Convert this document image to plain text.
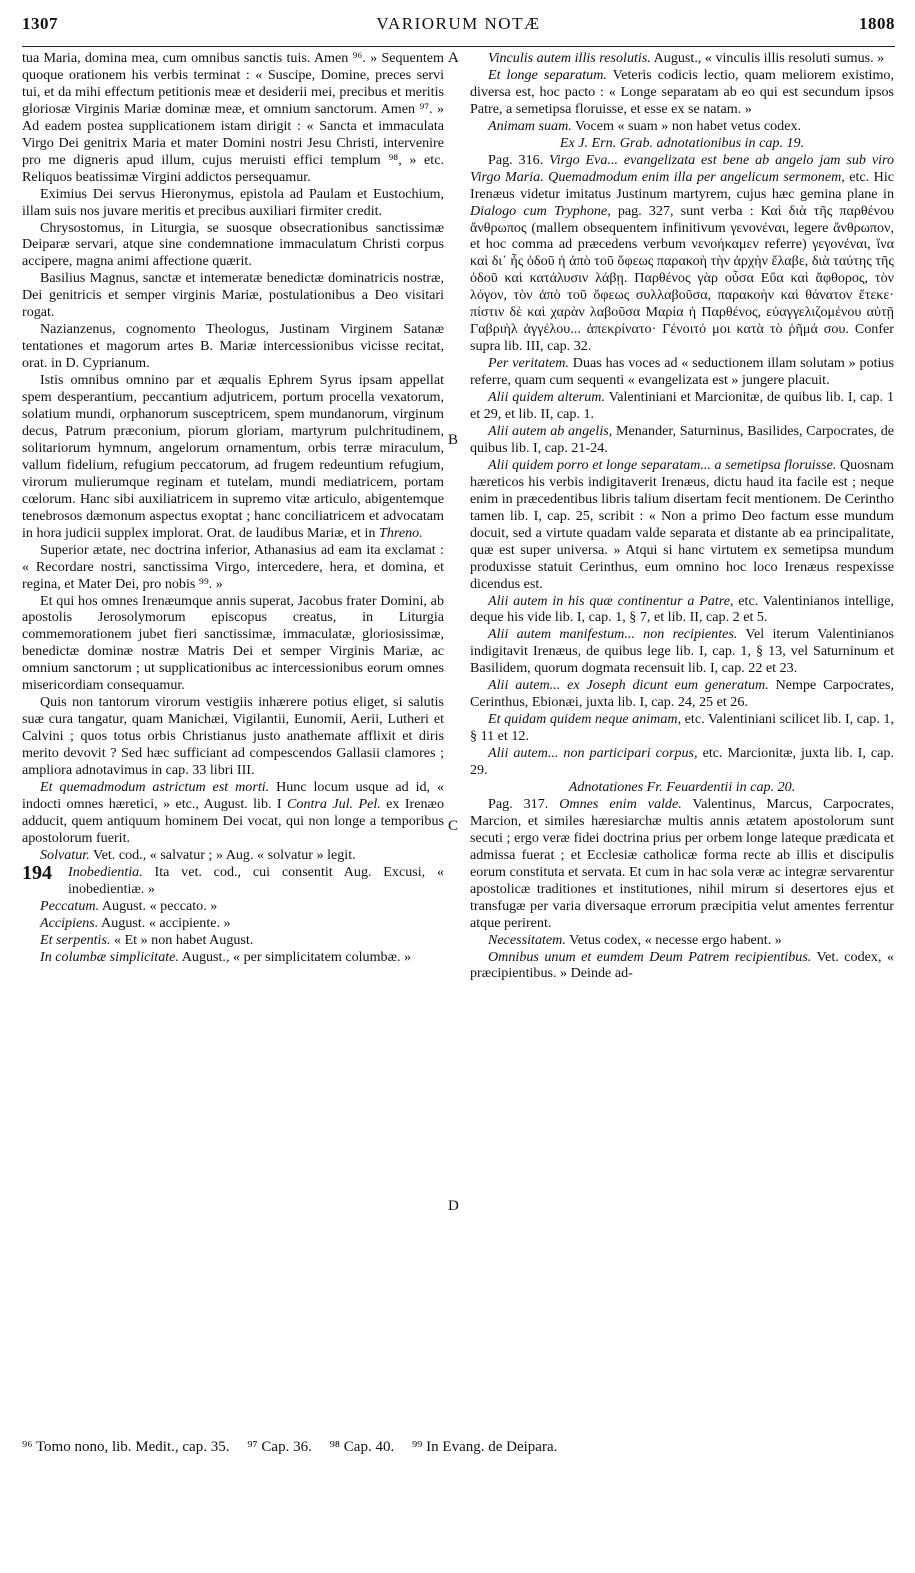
1307	VARIORUM NOTÆ	1808
A
B
C
D

tua Maria, domina mea, cum omnibus sanctis tuis. Amen ⁹⁶. » Sequentem quoque orationem his verbis terminat : « Suscipe, Domine, preces servi tui, et da mihi effectum petitionis meæ et desiderii mei, precibus et meritis gloriosæ Virginis Mariæ dominæ meæ, et omnium sanctorum. Amen ⁹⁷. » Ad eadem postea supplicationem istam dirigit : « Sancta et immaculata Virgo Dei genitrix Maria et mater Domini nostri Jesu Christi, intervenire pro me digneris apud illum, cujus meruisti effici templum ⁹⁸, » etc. Reliquos beatissimæ Virgini addictos persequamur.

Eximius Dei servus Hieronymus, epistola ad Paulam et Eustochium, illam suis nos juvare meritis et precibus auxiliari firmiter credit.

Chrysostomus, in Liturgia, se suosque obsecrationibus sanctissimæ Deiparæ servari, atque sine condemnatione immaculatum Christi corpus accipere, magna animi affectione quærit.

Basilius Magnus, sanctæ et intemeratæ benedictæ dominatricis nostræ, Dei genitricis et semper virginis Mariæ, postulationibus a Deo visitari rogat.

Nazianzenus, cognomento Theologus, Justinam Virginem Satanæ tentationes et magorum artes B. Mariæ intercessionibus vicisse recitat, orat. in D. Cyprianum.

Istis omnibus omnino par et æqualis Ephrem Syrus ipsam appellat spem desperantium, peccantium adjutricem, portum procella vexatorum, solatium mundi, orphanorum susceptricem, spem mundanorum, virginum decus, Patrum præconium, piorum gloriam, martyrum pulchritudinem, solitariorum hymnum, angelorum ornamentum, orbis terræ miraculum, vallum fidelium, refugium peccatorum, ad frugem redeuntium refugium, virorum mulierumque reginam et tutelam, mundi mediatricem, portam cœlorum. Hanc sibi auxiliatricem in supremo vitæ articulo, abigentemque tenebrosos dæmonum aspectus exoptat ; hanc conciliatricem et advocatam in hora judicii supplex implorat. Orat. de laudibus Mariæ, et in Threno.

Superior ætate, nec doctrina inferior, Athanasius ad eam ita exclamat : « Recordare nostri, sanctissima Virgo, intercedere, hera, et domina, et regina, et Mater Dei, pro nobis ⁹⁹. »

Et qui hos omnes Irenæumque annis superat, Jacobus frater Domini, ab apostolis Jerosolymorum episcopus creatus, in Liturgia commemorationem jubet fieri sanctissimæ, immaculatæ, gloriosissimæ, benedictæ dominæ nostræ Matris Dei et semper Virginis Mariæ, ac omnium sanctorum ; ut supplicationibus ac intercessionibus eorum omnes misericordiam consequamur.

Quis non tantorum virorum vestigiis inhærere potius eliget, si salutis suæ cura tangatur, quam Manichæi, Vigilantii, Eunomii, Aerii, Lutheri et Calvini ; quos totus orbis Christianus justo anathemate afflixit et diris merito devovit ? Sed hæc sufficiant ad compescendos Gallasii clamores ; ampliora adnotavimus in cap. 33 libri III.

Et quemadmodum astrictum est morti. Hunc locum usque ad id, « indocti omnes hæretici, » etc., August. lib. I Contra Jul. Pel. ex Irenæo adducit, quem antiquum hominem Dei vocat, qui non longe a temporibus apostolorum fuerit.

Solvatur. Vet. cod., « salvatur ; » Aug. « solvatur » legit.

194 Inobedientia. Ita vet. cod., cui consentit Aug. Excusi, « inobedientiæ. »

Peccatum. August. « peccato. »

Accipiens. August. « accipiente. »

Et serpentis. « Et » non habet August.

In columbæ simplicitate. August., « per simplicitatem columbæ. »

Vinculis autem illis resolutis. August., « vinculis illis resoluti sumus. »

Et longe separatum. Veteris codicis lectio, quam meliorem existimo, diversa est, hoc pacto : « Longe separatam ab eo qui est secundum ipsos Patre, a semetipsa floruisse, et esse ex se natam. »

Animam suam. Vocem « suam » non habet vetus codex.

Ex J. Ern. Grab. adnotationibus in cap. 19.

Pag. 316. Virgo Eva... evangelizata est bene ab angelo jam sub viro Virgo Maria. Quemadmodum enim illa per angelicum sermonem, etc. Hic Irenæus videtur imitatus Justinum martyrem, cujus hæc gemina plane in Dialogo cum Tryphone, pag. 327, sunt verba : Καὶ διὰ τῆς παρθένου ἄνθρωπος (mallem obsequentem infinitivum γενονέναι, legere ἄνθρωπον, et hoc comma ad præcedens verbum νενοήκαμεν referre) γεγονέναι, ἵνα καὶ δι᾽ ἧς ὁδοῦ ἡ ἀπὸ τοῦ ὄφεως παρακοὴ τὴν ἀρχὴν ἔλαβε, διὰ ταύτης τῆς ὁδοῦ καὶ κατάλυσιν λάβῃ. Παρθένος γὰρ οὖσα Εὔα καὶ ἄφθορος, τὸν λόγον, τὸν ἀπὸ τοῦ ὄφεως συλλαβοῦσα, παρακοὴν καὶ θάνατον ἔτεκε· πίστιν δὲ καὶ χαρὰν λαβοῦσα Μαρία ἡ Παρθένος, εὐαγγελιζομένου αὐτῇ Γαβριὴλ ἀγγέλου... ἀπεκρίνατο· Γένοιτό μοι κατὰ τὸ ῥῆμά σου. Confer supra lib. III, cap. 32.

Per veritatem. Duas has voces ad « seductionem illam solutam » potius referre, quam cum sequenti « evangelizata est » jungere placuit.

Alii quidem alterum. Valentiniani et Marcionitæ, de quibus lib. I, cap. 1 et 29, et lib. II, cap. 1.

Alii autem ab angelis, Menander, Saturninus, Basilides, Carpocrates, de quibus lib. I, cap. 21-24.

Alii quidem porro et longe separatam... a semetipsa floruisse. Quosnam hæreticos his verbis indigitaverit Irenæus, dictu haud ita facile est ; neque enim in præcedentibus libris talium disertam fecit mentionem. De Cerintho tamen lib. I, cap. 25, scribit : « Non a primo Deo factum esse mundum docuit, sed a virtute quadam valde separata et distante ab ea principalitate, quæ est super universa. » Atqui si hanc virtutem ex semetipsa mundum produxisse statuit Cerinthus, eum omnino hoc loco Irenæus respexisse dicendus est.

Alii autem in his quæ continentur a Patre, etc. Valentinianos intellige, deque his vide lib. I, cap. 1, § 7, et lib. II, cap. 2 et 5.

Alii autem manifestum... non recipientes. Vel iterum Valentinianos indigitavit Irenæus, de quibus lege lib. I, cap. 1, § 13, vel Saturninum et Basilidem, quorum dogmata recensuit lib. I, cap. 22 et 23.

Alii autem... ex Joseph dicunt eum generatum. Nempe Carpocrates, Cerinthus, Ebionæi, juxta lib. I, cap. 24, 25 et 26.

Et quidam quidem neque animam, etc. Valentiniani scilicet lib. I, cap. 1, § 11 et 12.

Alii autem... non participari corpus, etc. Marcionitæ, juxta lib. I, cap. 29.

Adnotationes Fr. Feuardentii in cap. 20.

Pag. 317. Omnes enim valde. Valentinus, Marcus, Carpocrates, Marcion, et similes hæresiarchæ multis annis ætatem apostolorum sunt secuti ; ergo veræ fidei doctrina prius per orbem longe lateque prædicata et admissa fuerat ; et Ecclesiæ catholicæ forma recte ab illis et discipulis eorum constituta et servata. Et cum in hac sola veræ ac integræ servarentur apostolicæ traditiones et institutiones, nihil mirum si desertores ejus et transfugæ per varia diversaque errorum præcipitia velut amentes ferrentur atque perirent.

Necessitatem. Vetus codex, « necesse ergo habent. »

Omnibus unum et eumdem Deum Patrem recipientibus. Vet. codex, « præcipientibus. » Deinde ad-

⁹⁶ Tomo nono, lib. Medit., cap. 35. ⁹⁷ Cap. 36. ⁹⁸ Cap. 40. ⁹⁹ In Evang. de Deipara.
